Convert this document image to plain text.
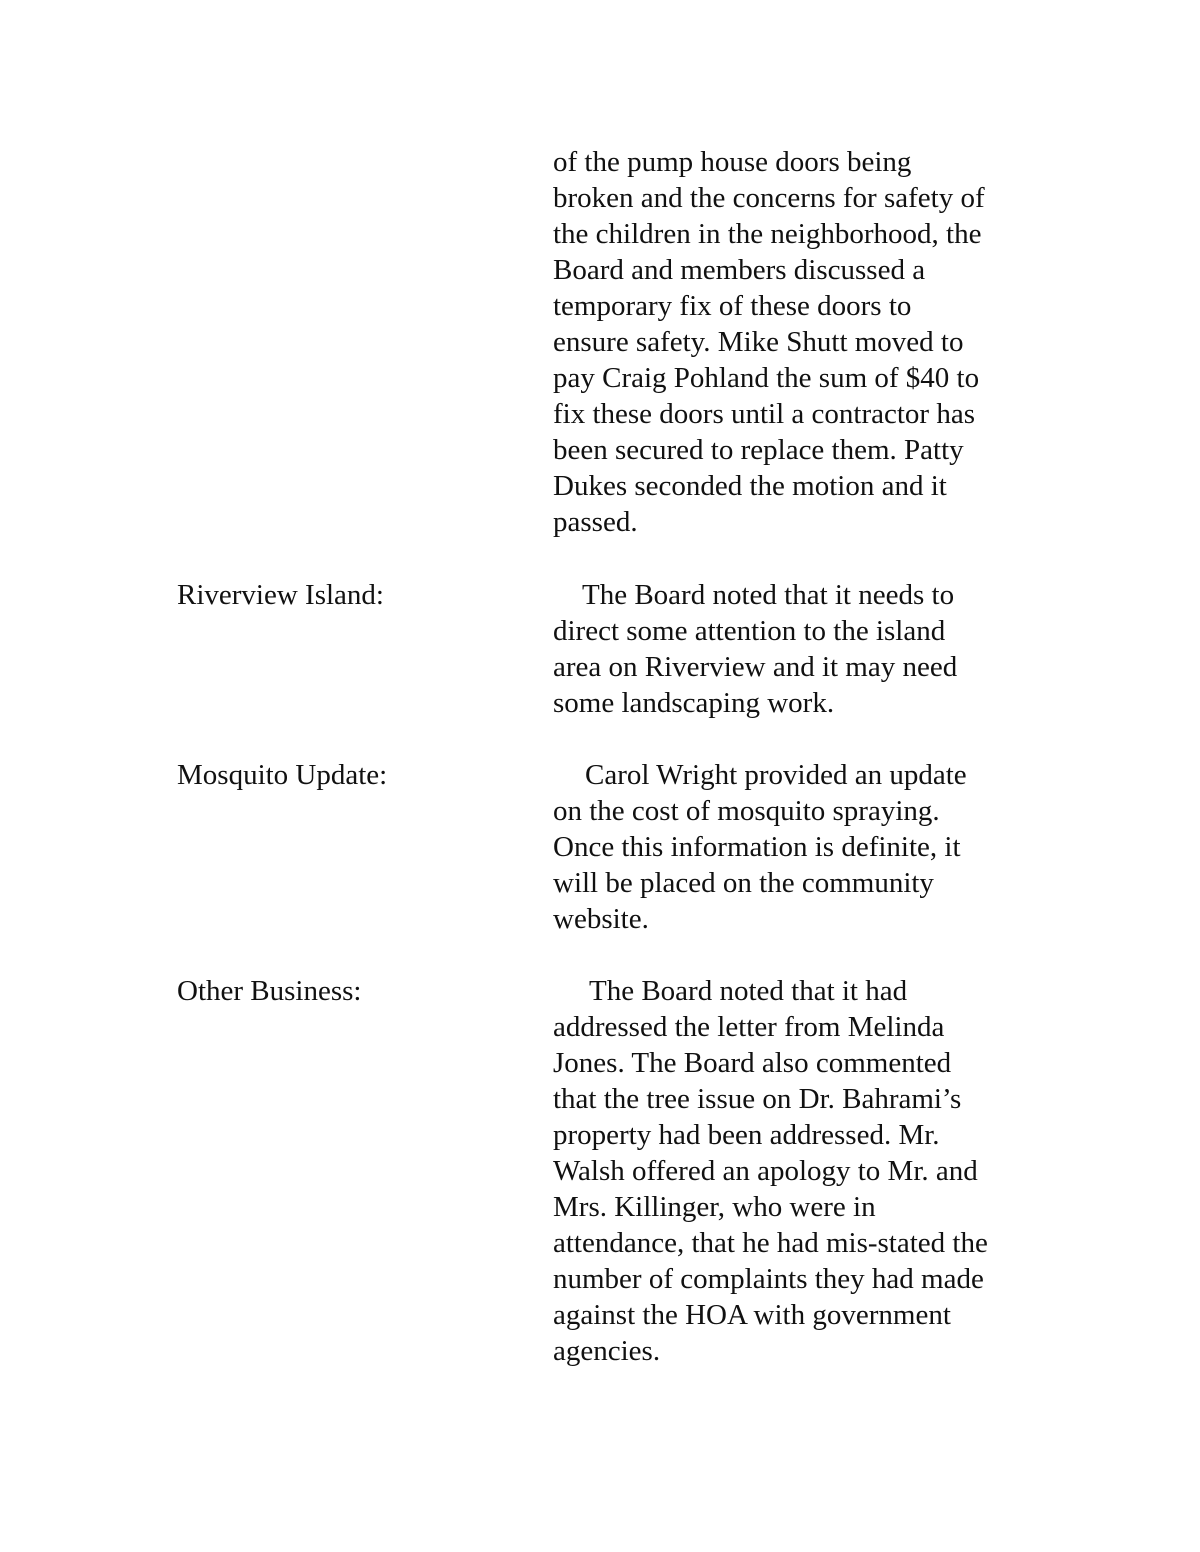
of the pump house doors being

broken and the concerns for safety of

the children in the neighborhood, the

Board and members discussed a

temporary fix of these doors to

ensure safety. Mike Shutt moved to

pay Craig Pohland the sum of $40 to

fix these doors until a contractor has

been secured to replace them. Patty

Dukes seconded the motion and it

passed.

Riverview Island:	The Board noted that it needs to

direct some attention to the island

area on Riverview and it may need

some landscaping work.

Mosquito Update:	Carol Wright provided an update

on the cost of mosquito spraying.

Once this information is definite, it

will be placed on the community

website.

Other Business:	The Board noted that it had

addressed the letter from Melinda

Jones. The Board also commented

that the tree issue on Dr. Bahrami’s

property had been addressed. Mr.

Walsh offered an apology to Mr. and

Mrs. Killinger, who were in

attendance, that he had mis-stated the

number of complaints they had made

against the HOA with government

agencies.
